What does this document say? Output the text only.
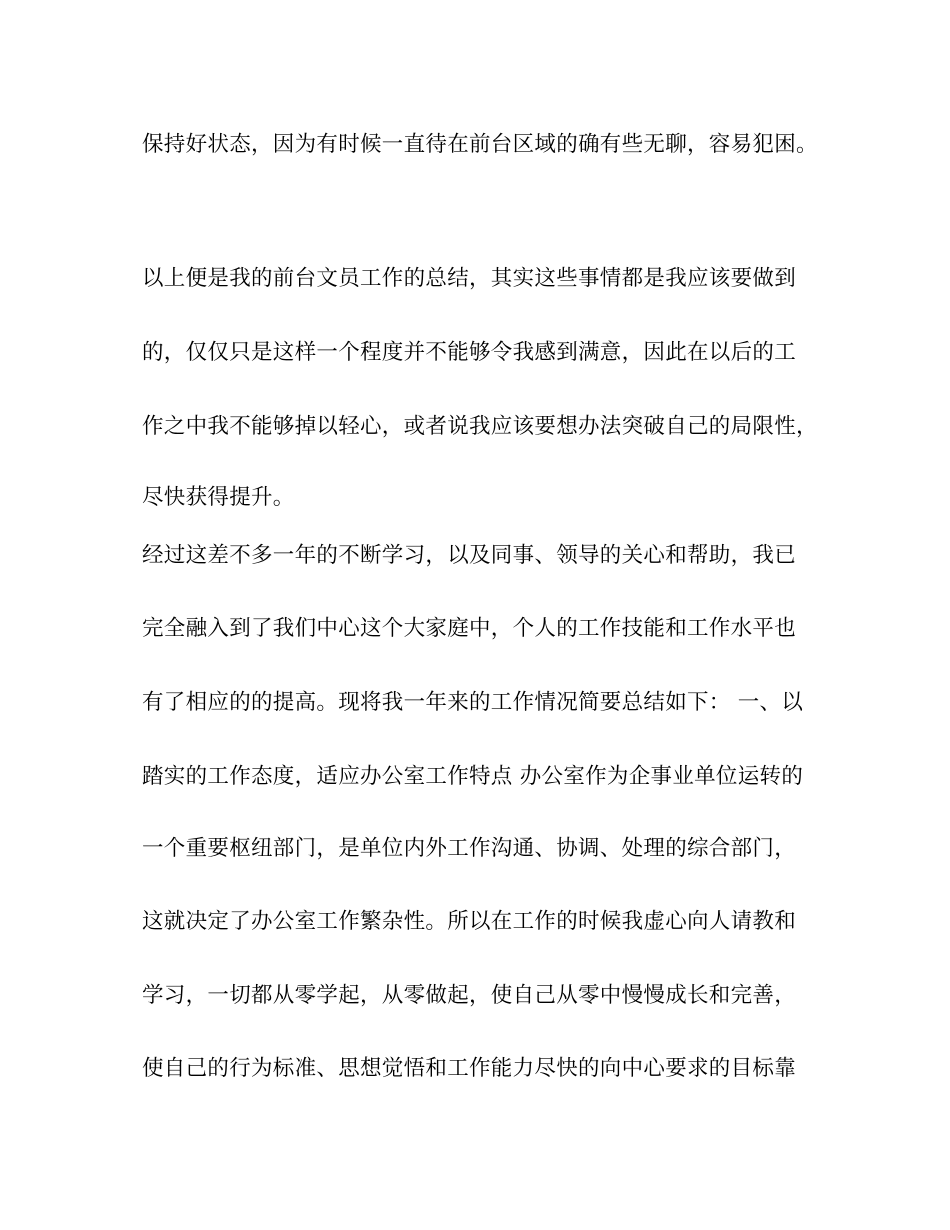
保持好状态，因为有时候一直待在前台区域的确有些无聊，容易犯困。
以上便是我的前台文员工作的总结，其实这些事情都是我应该要做到
的，仅仅只是这样一个程度并不能够令我感到满意，因此在以后的工
作之中我不能够掉以轻心，或者说我应该要想办法突破自己的局限性，
尽快获得提升。
经过这差不多一年的不断学习，以及同事、领导的关心和帮助，我已
完全融入到了我们中心这个大家庭中，个人的工作技能和工作水平也
有了相应的的提高。现将我一年来的工作情况简要总结如下： 一、以
踏实的工作态度，适应办公室工作特点 办公室作为企事业单位运转的
一个重要枢纽部门，是单位内外工作沟通、协调、处理的综合部门，
这就决定了办公室工作繁杂性。所以在工作的时候我虚心向人请教和
学习，一切都从零学起，从零做起，使自己从零中慢慢成长和完善，
使自己的行为标准、思想觉悟和工作能力尽快的向中心要求的目标靠
